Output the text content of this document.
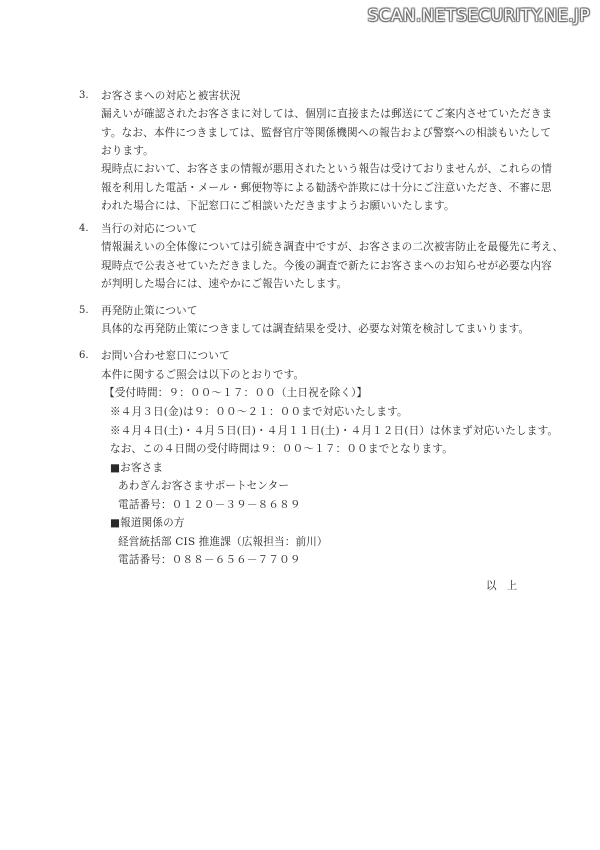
SCAN.NETSECURITY.NE.JP
3. お客さまへの対応と被害状況
漏えいが確認されたお客さまに対しては、個別に直接または郵送にてご案内させていただきま
す。なお、本件につきましては、監督官庁等関係機関への報告および警察への相談もいたして
おります。
現時点において、お客さまの情報が悪用されたという報告は受けておりませんが、これらの情
報を利用した電話・メール・郵便物等による勧誘や詐欺には十分にご注意いただき、不審に思
われた場合には、下記窓口にご相談いただきますようお願いいたします。
4. 当行の対応について
情報漏えいの全体像については引続き調査中ですが、お客さまの二次被害防止を最優先に考え、
現時点で公表させていただきました。今後の調査で新たにお客さまへのお知らせが必要な内容
が判明した場合には、速やかにご報告いたします。
5. 再発防止策について
具体的な再発防止策につきましては調査結果を受け、必要な対策を検討してまいります。
6. お問い合わせ窓口について
本件に関するご照会は以下のとおりです。
【受付時間：９：００～１７：００（土日祝を除く）】
※４月３日(金)は９：００～２１：００まで対応いたします。
※４月４日(土)・４月５日(日)・４月１１日(土)・４月１２日(日）は休まず対応いたします。
なお、この４日間の受付時間は９：００～１７：００までとなります。
■お客さま
あわぎんお客さまサポートセンター
電話番号：０１２０－３９－８６８９
■報道関係の方
経営統括部 CIS 推進課（広報担当：前川）
電話番号：０８８－６５６－７７０９
以上
